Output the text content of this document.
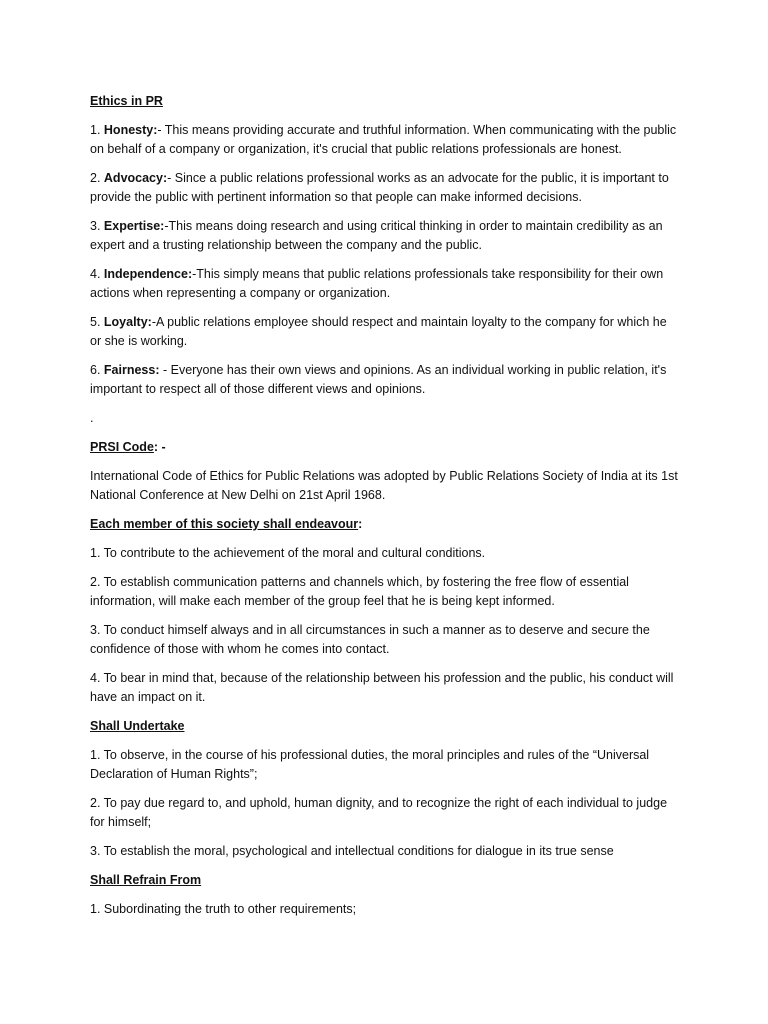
Ethics in PR

1. Honesty:- This means providing accurate and truthful information. When communicating with the public on behalf of a company or organization, it's crucial that public relations professionals are honest.

2. Advocacy:- Since a public relations professional works as an advocate for the public, it is important to provide the public with pertinent information so that people can make informed decisions.

3. Expertise:-This means doing research and using critical thinking in order to maintain credibility as an expert and a trusting relationship between the company and the public.

4. Independence:-This simply means that public relations professionals take responsibility for their own actions when representing a company or organization.

5. Loyalty:-A public relations employee should respect and maintain loyalty to the company for which he or she is working.

6. Fairness: - Everyone has their own views and opinions. As an individual working in public relation, it's important to respect all of those different views and opinions.

.

PRSI Code: -

International Code of Ethics for Public Relations was adopted by Public Relations Society of India at its 1st National Conference at New Delhi on 21st April 1968.

Each member of this society shall endeavour:

1. To contribute to the achievement of the moral and cultural conditions.

2. To establish communication patterns and channels which, by fostering the free flow of essential information, will make each member of the group feel that he is being kept informed.

3. To conduct himself always and in all circumstances in such a manner as to deserve and secure the confidence of those with whom he comes into contact.

4. To bear in mind that, because of the relationship between his profession and the public, his conduct will have an impact on it.

Shall Undertake

1. To observe, in the course of his professional duties, the moral principles and rules of the “Universal Declaration of Human Rights”;

2. To pay due regard to, and uphold, human dignity, and to recognize the right of each individual to judge for himself;

3. To establish the moral, psychological and intellectual conditions for dialogue in its true sense

Shall Refrain From

1. Subordinating the truth to other requirements;
